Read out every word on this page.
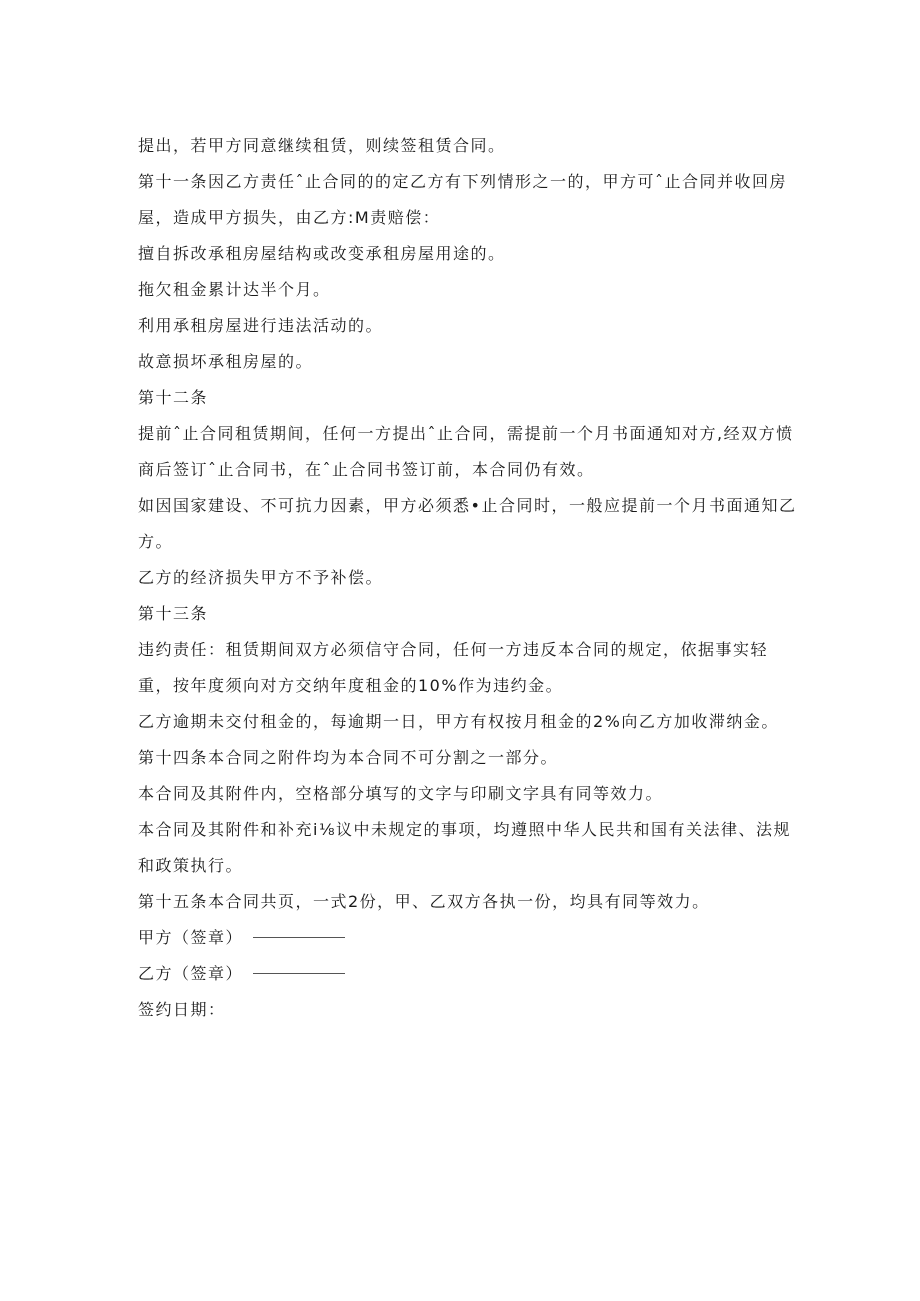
提出，若甲方同意继续租赁，则续签租赁合同。
第十一条因乙方责任ˆ止合同的的定乙方有下列情形之一的，甲方可ˆ止合同并收回房
屋，造成甲方损失，由乙方:M责赔偿：
擅自拆改承租房屋结构或改变承租房屋用途的。
拖欠租金累计达半个月。
利用承租房屋进行违法活动的。
故意损坏承租房屋的。
第十二条
提前ˆ止合同租赁期间，任何一方提出ˆ止合同，需提前一个月书面通知对方,经双方愤
商后签订ˆ止合同书，在ˆ止合同书签订前，本合同仍有效。
如因国家建设、不可抗力因素，甲方必须悉•止合同时，一般应提前一个月书面通知乙
方。
乙方的经济损失甲方不予补偿。
第十三条
违约责任：租赁期间双方必须信守合同，任何一方违反本合同的规定，依据事实轻
重，按年度须向对方交纳年度租金的10%作为违约金。
乙方逾期未交付租金的，每逾期一日，甲方有权按月租金的2%向乙方加收滞纳金。
第十四条本合同之附件均为本合同不可分割之一部分。
本合同及其附件内，空格部分填写的文字与印刷文字具有同等效力。
本合同及其附件和补充i⅛议中未规定的事项，均遵照中华人民共和国有关法律、法规
和政策执行。
第十五条本合同共页，一式2份，甲、乙双方各执一份，均具有同等效力。
甲方（签章）
乙方（签章）
签约日期：
